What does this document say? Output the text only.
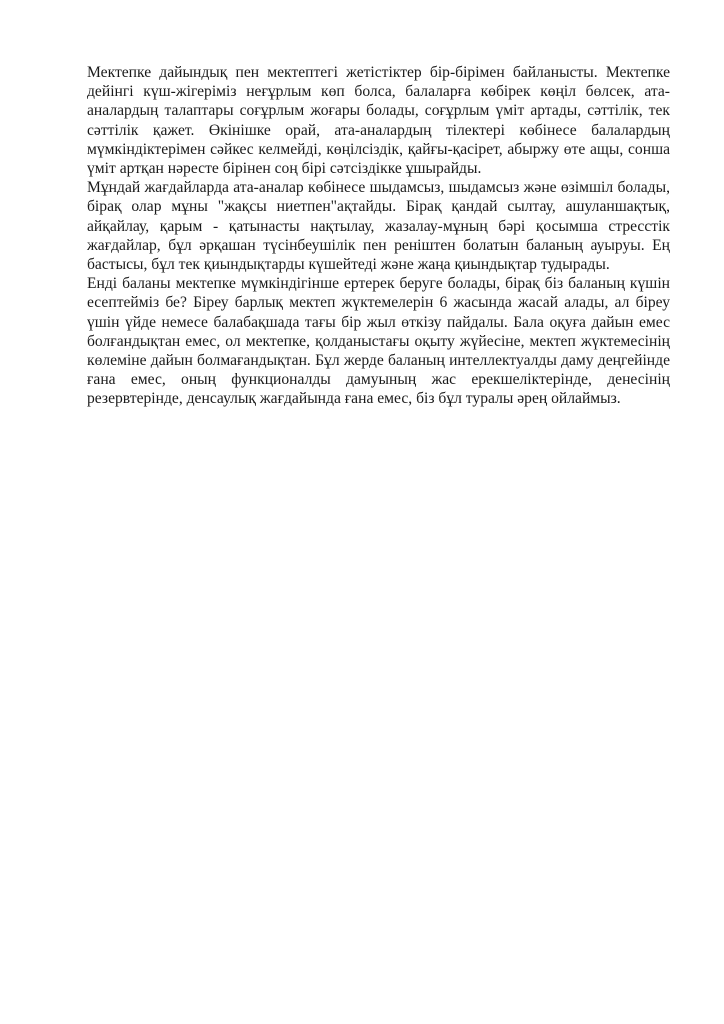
Мектепке дайындық пен мектептегі жетістіктер бір-бірімен байланысты. Мектепке дейінгі күш-жігеріміз неғұрлым көп болса, балаларға көбірек көңіл бөлсек, ата-аналардың талаптары соғұрлым жоғары болады, соғұрлым үміт артады, сәттілік, тек сәттілік қажет. Өкінішке орай, ата-аналардың тілектері көбінесе балалардың мүмкіндіктерімен сәйкес келмейді, көңілсіздік, қайғы-қасірет, абыржу өте ащы, сонша үміт артқан нәресте бірінен соң бірі сәтсіздікке ұшырайды.

Мұндай жағдайларда ата-аналар көбінесе шыдамсыз, шыдамсыз және өзімшіл болады, бірақ олар мұны "жақсы ниетпен"ақтайды. Бірақ қандай сылтау, ашуланшақтық, айқайлау, қарым - қатынасты нақтылау, жазалау-мұның бәрі қосымша стресстік жағдайлар, бұл әрқашан түсінбеушілік пен реніштен болатын баланың ауыруы. Ең бастысы, бұл тек қиындықтарды күшейтеді және жаңа қиындықтар тудырады.

Енді баланы мектепке мүмкіндігінше ертерек беруге болады, бірақ біз баланың күшін есептейміз бе? Біреу барлық мектеп жүктемелерін 6 жасында жасай алады, ал біреу үшін үйде немесе балабақшада тағы бір жыл өткізу пайдалы. Бала оқуға дайын емес болғандықтан емес, ол мектепке, қолданыстағы оқыту жүйесіне, мектеп жүктемесінің көлеміне дайын болмағандықтан. Бұл жерде баланың интеллектуалды даму деңгейінде ғана емес, оның функционалды дамуының жас ерекшеліктерінде, денесінің резервтерінде, денсаулық жағдайында ғана емес, біз бұл туралы әрең ойлаймыз.
